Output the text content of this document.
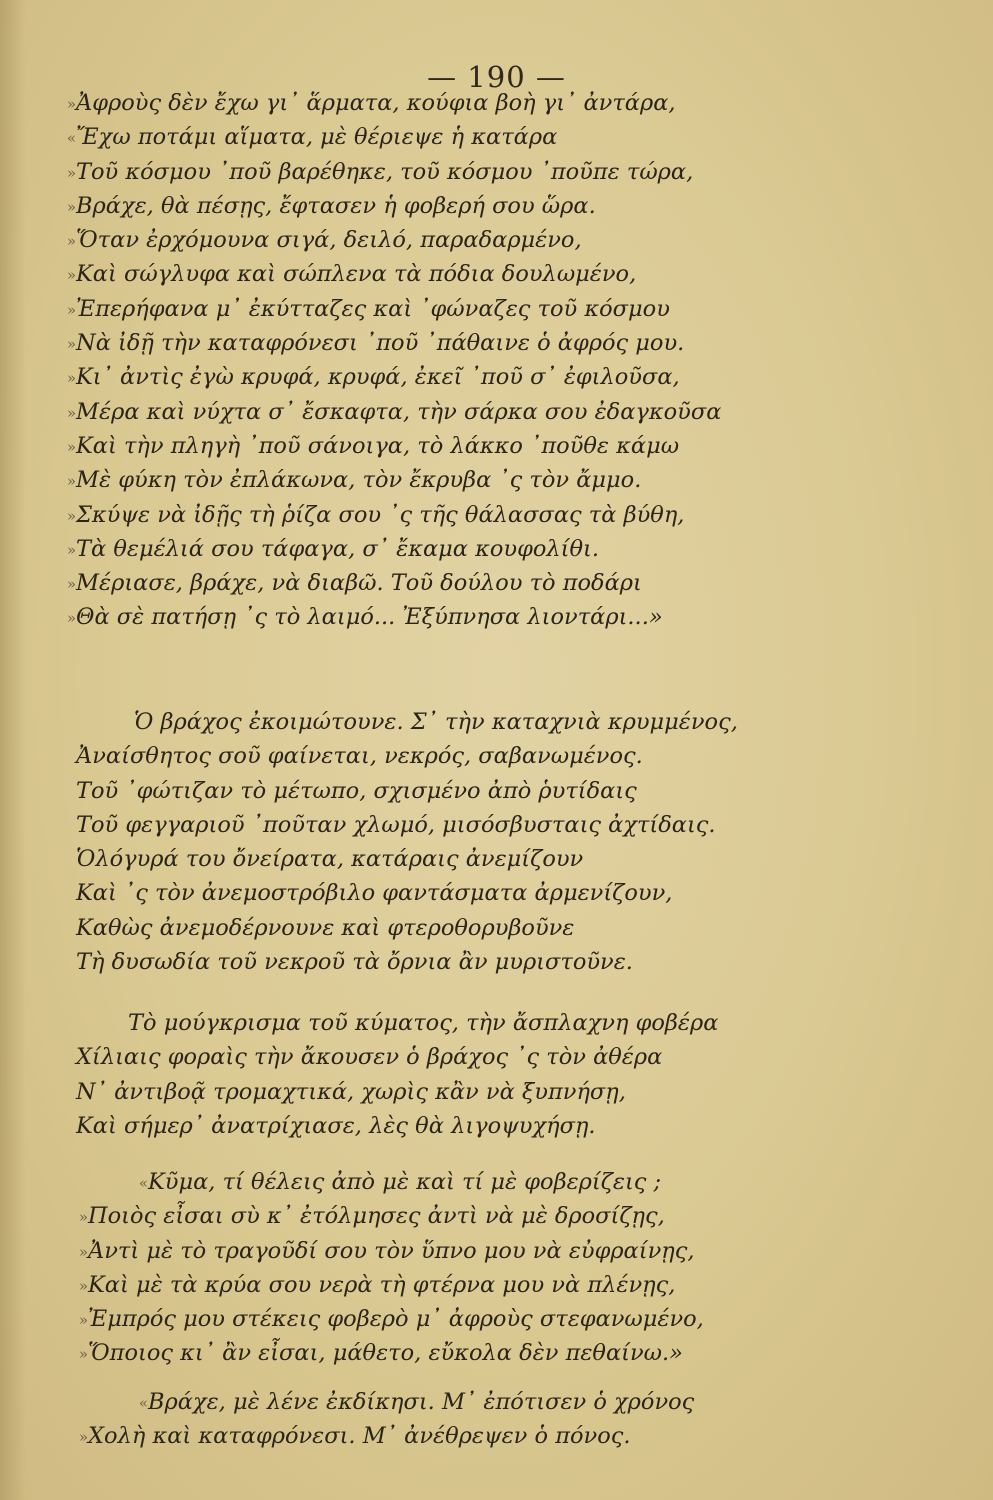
— 190 —
»Ἀφροὺς δὲν ἔχω γι᾽ ἅρματα, κούφια βοὴ γι᾽ ἀντάρα,
«Ἔχω ποτάμι αἵματα, μὲ θέριεψε ἡ κατάρα
»Τοῦ κόσμου ᾽ποῦ βαρέθηκε, τοῦ κόσμου ᾽ποῦπε τώρα,
»Βράχε, θὰ πέσῃς, ἔφτασεν ἡ φοβερή σου ὥρα.
»Ὅταν ἐρχόμουνα σιγά, δειλό, παραδαρμένο,
»Καὶ σώγλυφα καὶ σώπλενα τὰ πόδια δουλωμένο,
»Ἐπερήφανα μ᾽ ἐκύτταζες καὶ ᾽φώναζες τοῦ κόσμου
»Νὰ ἰδῇ τὴν καταφρόνεσι ᾽ποῦ ᾽πάθαινε ὁ ἀφρός μου.
»Κι᾽ ἀντὶς ἐγὼ κρυφά, κρυφά, ἐκεῖ ᾽ποῦ σ᾽ ἐφιλοῦσα,
»Μέρα καὶ νύχτα σ᾽ ἔσκαφτα, τὴν σάρκα σου ἐδαγκοῦσα
»Καὶ τὴν πληγὴ ᾽ποῦ σάνοιγα, τὸ λάκκο ᾽ποῦθε κάμω
»Μὲ φύκη τὸν ἐπλάκωνα, τὸν ἔκρυβα ᾽ς τὸν ἄμμο.
»Σκύψε νὰ ἰδῇς τὴ ῥίζα σου ᾽ς τῆς θάλασσας τὰ βύθη,
»Τὰ θεμέλιά σου τάφαγα, σ᾽ ἔκαμα κουφολίθι.
»Μέριασε, βράχε, νὰ διαβῶ. Τοῦ δούλου τὸ ποδάρι
»Θὰ σὲ πατήσῃ ᾽ς τὸ λαιμό... Ἐξύπνησα λιοντάρι...»
Ὁ βράχος ἐκοιμώτουνε. Σ᾽ τὴν καταχνιὰ κρυμμένος,
Ἀναίσθητος σοῦ φαίνεται, νεκρός, σαβανωμένος.
Τοῦ ᾽φώτιζαν τὸ μέτωπο, σχισμένο ἀπὸ ῥυτίδαις
Τοῦ φεγγαριοῦ ᾽ποῦταν χλωμό, μισόσβυσταις ἀχτίδαις.
Ὁλόγυρά του ὄνείρατα, κατάραις ἀνεμίζουν
Καὶ ᾽ς τὸν ἀνεμοστρόβιλο φαντάσματα ἀρμενίζουν,
Καθὼς ἀνεμοδέρνουνε καὶ φτεροθορυβοῦνε
Τὴ δυσωδία τοῦ νεκροῦ τὰ ὄρνια ἂν μυριστοῦνε.
Τὸ μούγκρισμα τοῦ κύματος, τὴν ἄσπλαχνη φοβέρα
Χίλιαις φοραὶς τὴν ἄκουσεν ὁ βράχος ᾽ς τὸν ἀθέρα
Ν᾽ ἀντιβοᾷ τρομαχτικά, χωρὶς κἂν νὰ ξυπνήσῃ,
Καὶ σήμερ᾽ ἀνατρίχιασε, λὲς θὰ λιγοψυχήσῃ.
«Κῦμα, τί θέλεις ἀπὸ μὲ καὶ τί μὲ φοβερίζεις ;
»Ποιὸς εἶσαι σὺ κ᾽ ἐτόλμησες ἀντὶ νὰ μὲ δροσίζῃς,
»Ἀντὶ μὲ τὸ τραγοῦδί σου τὸν ὕπνο μου νὰ εὐφραίνῃς,
»Καὶ μὲ τὰ κρύα σου νερὰ τὴ φτέρνα μου νὰ πλένῃς,
»Ἐμπρός μου στέκεις φοβερὸ μ᾽ ἀφροὺς στεφανωμένο,
»Ὅποιος κι᾽ ἂν εἶσαι, μάθετο, εὔκολα δὲν πεθαίνω.»
«Βράχε, μὲ λένε ἐκδίκησι. Μ᾽ ἐπότισεν ὁ χρόνος
»Χολὴ καὶ καταφρόνεσι. Μ᾽ ἀνέθρεψεν ὁ πόνος.
